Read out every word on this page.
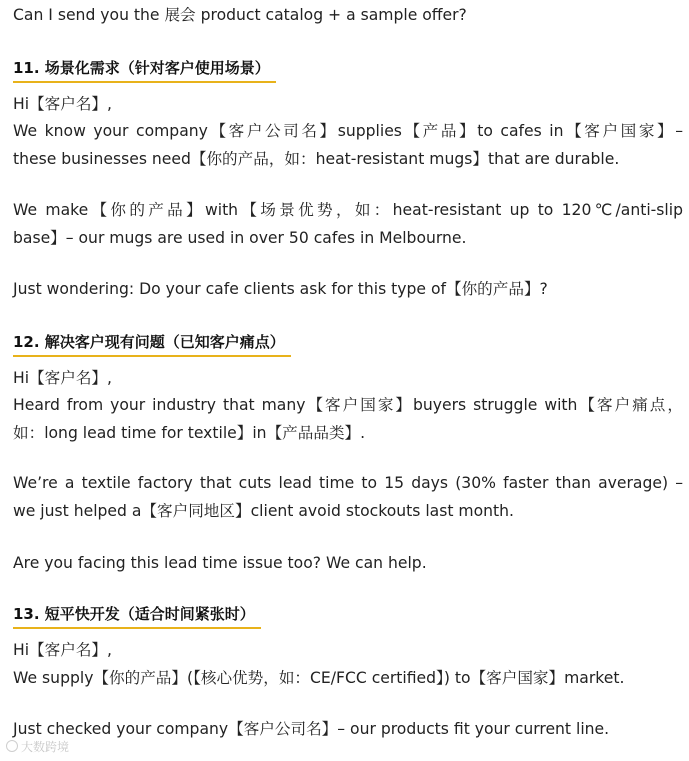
Can I send you the 展会 product catalog + a sample offer?

11. 场景化需求（针对客户使用场景）

Hi【客户名】,

We know your company【客户公司名】supplies【产品】to cafes in【客户国家】–
these businesses need【你的产品，如：heat-resistant mugs】that are durable.

We make【你的产品】with【场景优势，如：heat-resistant up to 120℃/anti-slip
base】– our mugs are used in over 50 cafes in Melbourne.

Just wondering: Do your cafe clients ask for this type of【你的产品】?

12. 解决客户现有问题（已知客户痛点）

Hi【客户名】,

Heard from your industry that many【客户国家】buyers struggle with【客户痛点，
如：long lead time for textile】in【产品品类】.

We’re a textile factory that cuts lead time to 15 days (30% faster than average) –
we just helped a【客户同地区】client avoid stockouts last month.

Are you facing this lead time issue too? We can help.

13. 短平快开发（适合时间紧张时）

Hi【客户名】,

We supply【你的产品】(【核心优势，如：CE/FCC certified】) to【客户国家】market.

Just checked your company【客户公司名】– our products fit your current line.

大数跨境
